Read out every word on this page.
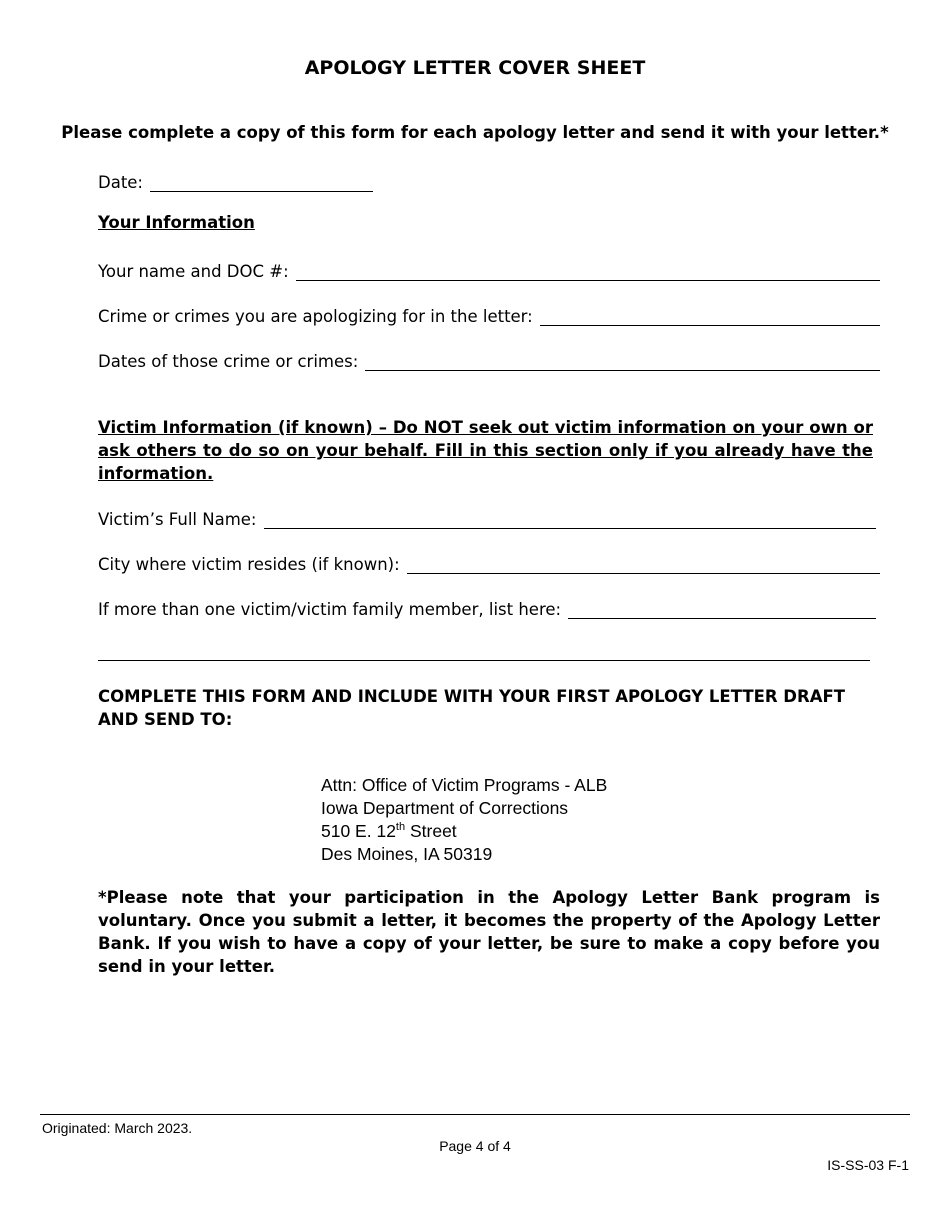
APOLOGY LETTER COVER SHEET
Please complete a copy of this form for each apology letter and send it with your letter.*
Date:
Your Information
Your name and DOC #:
Crime or crimes you are apologizing for in the letter:
Dates of those crime or crimes:
Victim Information (if known) – Do NOT seek out victim information on your own or ask others to do so on your behalf. Fill in this section only if you already have the information.
Victim’s Full Name:
City where victim resides (if known):
If more than one victim/victim family member, list here:
COMPLETE THIS FORM AND INCLUDE WITH YOUR FIRST APOLOGY LETTER DRAFT AND SEND TO:
Attn: Office of Victim Programs - ALB
Iowa Department of Corrections
510 E. 12th Street
Des Moines, IA 50319
*Please note that your participation in the Apology Letter Bank program is voluntary. Once you submit a letter, it becomes the property of the Apology Letter Bank. If you wish to have a copy of your letter, be sure to make a copy before you send in your letter.
Originated: March 2023.
Page 4 of 4
IS-SS-03 F-1
